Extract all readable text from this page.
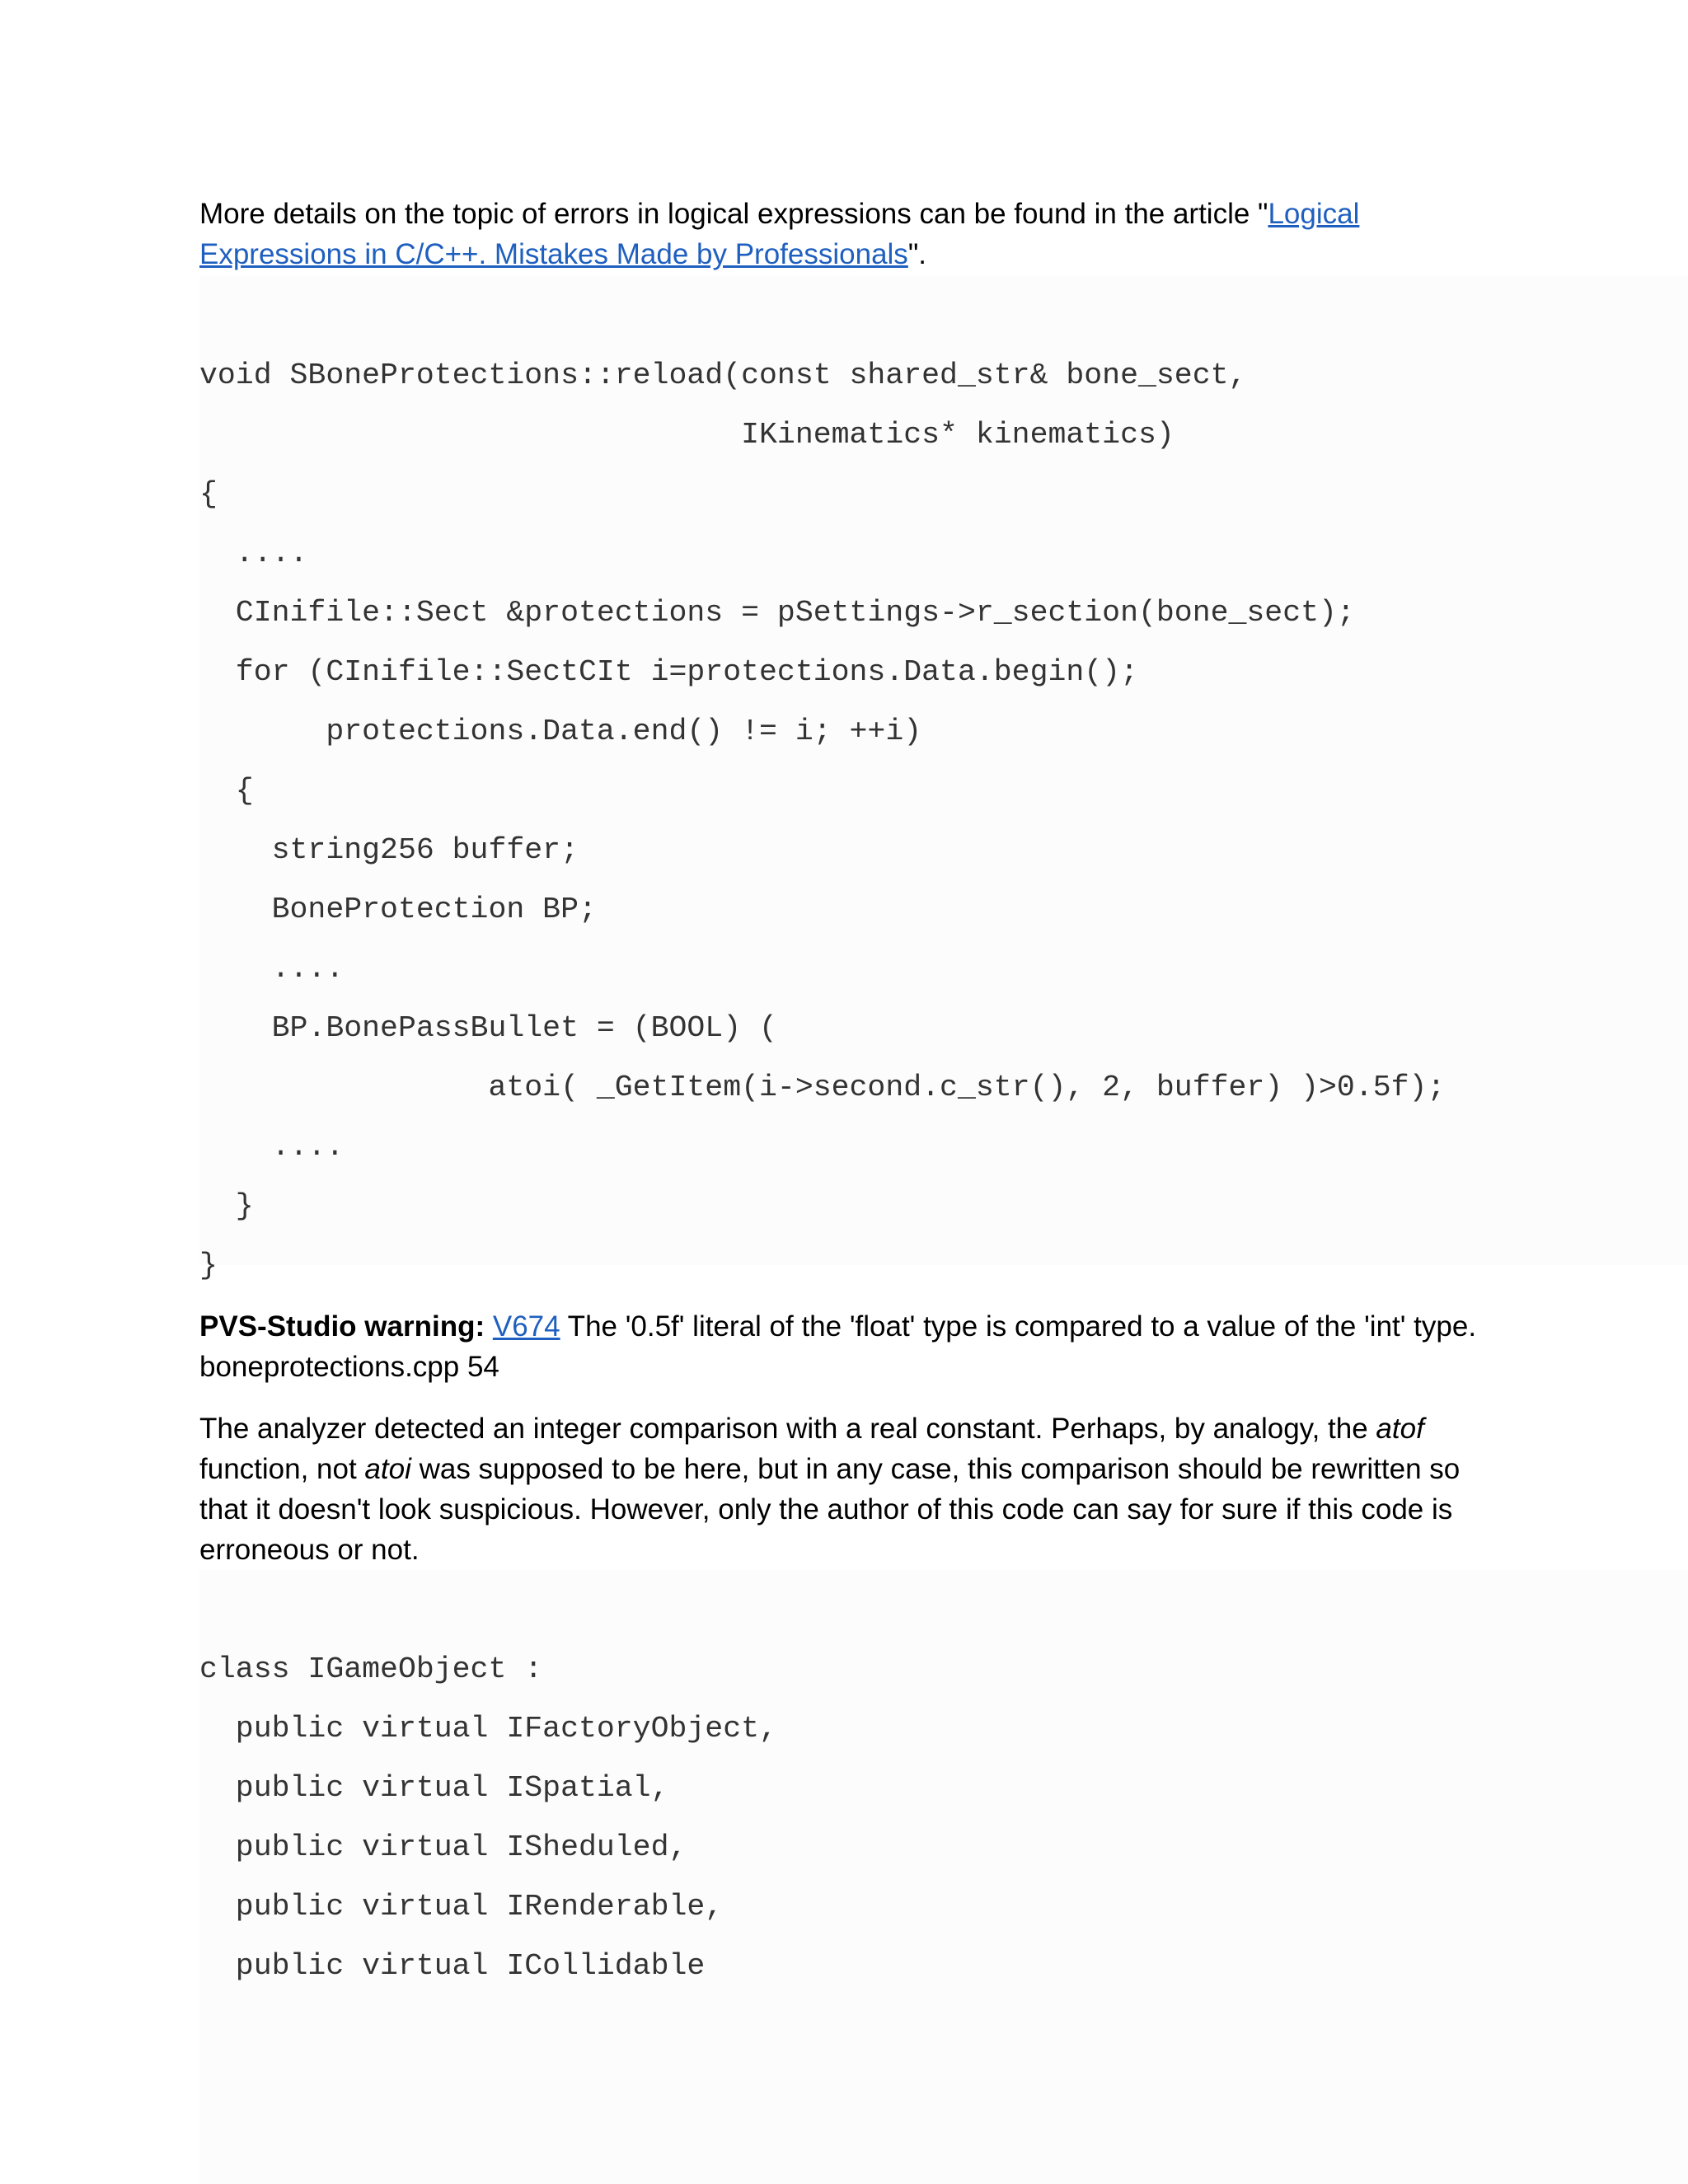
More details on the topic of errors in logical expressions can be found in the article "Logical Expressions in C/C++. Mistakes Made by Professionals".

void SBoneProtections::reload(const shared_str& bone_sect,
IKinematics* kinematics)
{
....
CInifile::Sect &protections = pSettings->r_section(bone_sect);
for (CInifile::SectCIt i=protections.Data.begin();
protections.Data.end() != i; ++i)
{
string256 buffer;
BoneProtection BP;
....
BP.BonePassBullet = (BOOL) (
atoi( _GetItem(i->second.c_str(), 2, buffer) )>0.5f);
....
}
}

PVS-Studio warning: V674 The '0.5f' literal of the 'float' type is compared to a value of the 'int' type. boneprotections.cpp 54

The analyzer detected an integer comparison with a real constant. Perhaps, by analogy, the atof function, not atoi was supposed to be here, but in any case, this comparison should be rewritten so that it doesn't look suspicious. However, only the author of this code can say for sure if this code is erroneous or not.

class IGameObject :
public virtual IFactoryObject,
public virtual ISpatial,
public virtual ISheduled,
public virtual IRenderable,
public virtual ICollidable
